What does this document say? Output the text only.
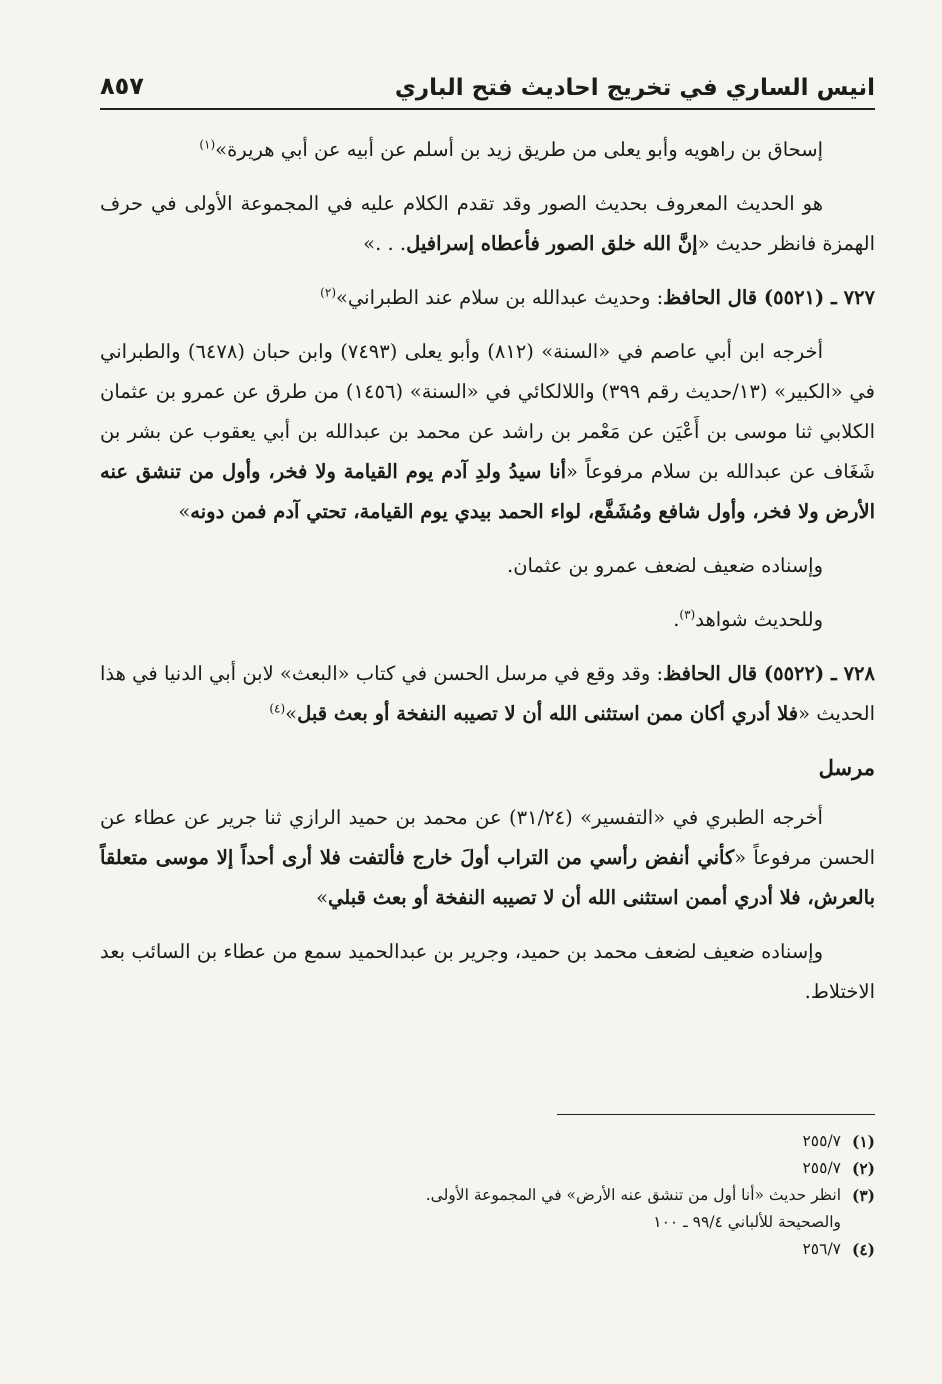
انيس الساري في تخريج احاديث فتح الباري
٨٥٧

إسحاق بن راهويه وأبو يعلى من طريق زيد بن أسلم عن أبيه عن أبي هريرة»$^{(١)}$

هو الحديث المعروف بحديث الصور وقد تقدم الكلام عليه في المجموعة الأولى في حرف الهمزة فانظر حديث «إنَّ الله خلق الصور فأعطاه إسرافيل. . .»

٧٢٧ ـ (٥٥٢١) قال الحافظ: وحديث عبدالله بن سلام عند الطبراني»$^{(٢)}$

أخرجه ابن أبي عاصم في «السنة» (٨١٢) وأبو يعلى (٧٤٩٣) وابن حبان (٦٤٧٨) والطبراني في «الكبير» (١٣/حديث رقم ٣٩٩) واللالكائي في «السنة» (١٤٥٦) من طرق عن عمرو بن عثمان الكلابي ثنا موسى بن أَعْيَن عن مَعْمر بن راشد عن محمد بن عبدالله بن أبي يعقوب عن بشر بن شَغَاف عن عبدالله بن سلام مرفوعاً «أنا سيدُ ولدِ آدم يوم القيامة ولا فخر، وأول من تنشق عنه الأرض ولا فخر، وأول شافع ومُشَفَّع، لواء الحمد بيدي يوم القيامة، تحتي آدم فمن دونه»

وإسناده ضعيف لضعف عمرو بن عثمان.

وللحديث شواهد$^{(٣)}$.

٧٢٨ ـ (٥٥٢٢) قال الحافظ: وقد وقع في مرسل الحسن في كتاب «البعث» لابن أبي الدنيا في هذا الحديث «فلا أدري أكان ممن استثنى الله أن لا تصيبه النفخة أو بعث قبل»$^{(٤)}$

مرسل

أخرجه الطبري في «التفسير» (٣١/٢٤) عن محمد بن حميد الرازي ثنا جرير عن عطاء عن الحسن مرفوعاً «كأني أنفض رأسي من التراب أولَ خارج فألتفت فلا أرى أحداً إلا موسى متعلقاً بالعرش، فلا أدري أممن استثنى الله أن لا تصيبه النفخة أو بعث قبلي»

وإسناده ضعيف لضعف محمد بن حميد، وجرير بن عبدالحميد سمع من عطاء بن السائب بعد الاختلاط.

(١)
٢٥٥/٧
(٢)
٢٥٥/٧
(٣)
انظر حديث «أنا أول من تنشق عنه الأرض» في المجموعة الأولى.
والصحيحة للألباني ٩٩/٤ ـ ١٠٠
(٤)
٢٥٦/٧
